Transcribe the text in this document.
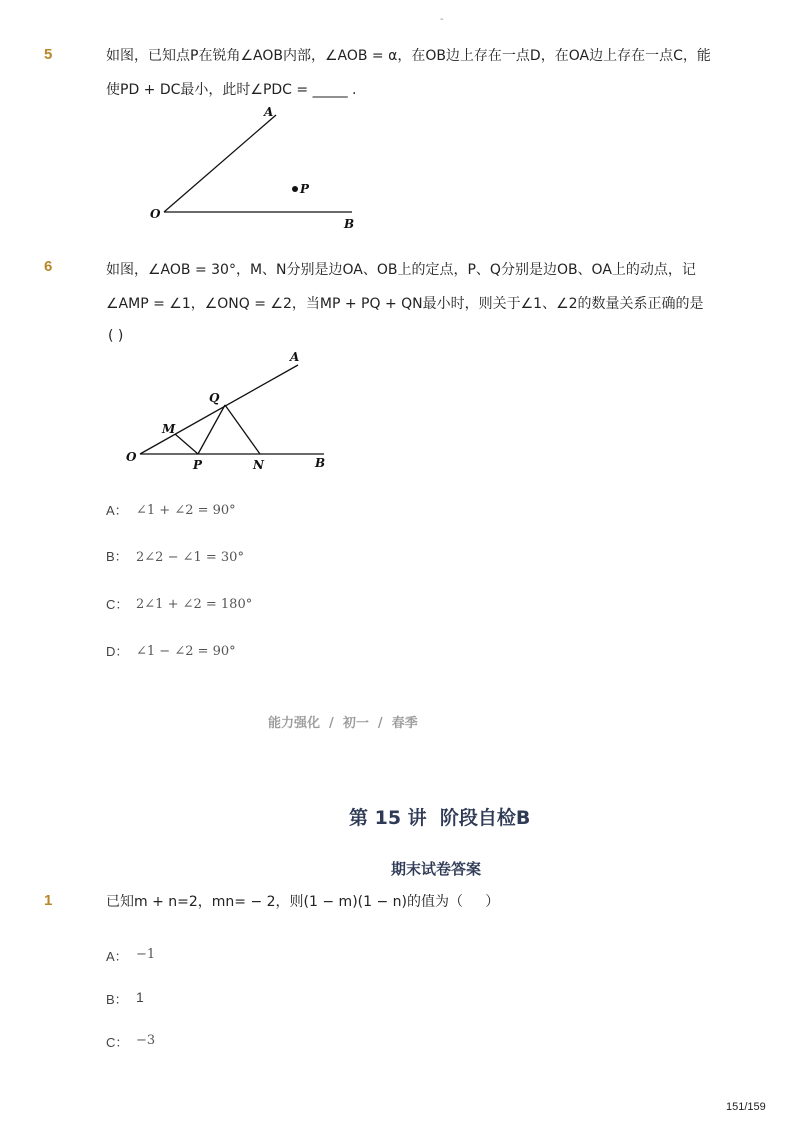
-
5	如图，已知点P在锐角∠AOB内部，∠AOB = α，在OB边上存在一点D，在OA边上存在一点C，能
使PD + DC最小，此时∠PDC = _____ .
A
O
B
P
6	如图，∠AOB = 30°，M、N分别是边OA、OB上的定点，P、Q分别是边OB、OA上的动点，记
∠AMP = ∠1，∠ONQ = ∠2，当MP + PQ + QN最小时，则关于∠1、∠2的数量关系正确的是
( )
A
Q
M
O
P	N	B
A： ∠1 + ∠2 = 90°
B： 2∠2 − ∠1 = 30°
C： 2∠1 + ∠2 = 180°
D： ∠1 − ∠2 = 90°
能力强化  /  初一  /  春季
第 15 讲  阶段自检B
期末试卷答案
1	已知m + n=2，mn= − 2，则(1 − m)(1 − n)的值为（     ）
A： −1
B： 1
C： −3
151/159
